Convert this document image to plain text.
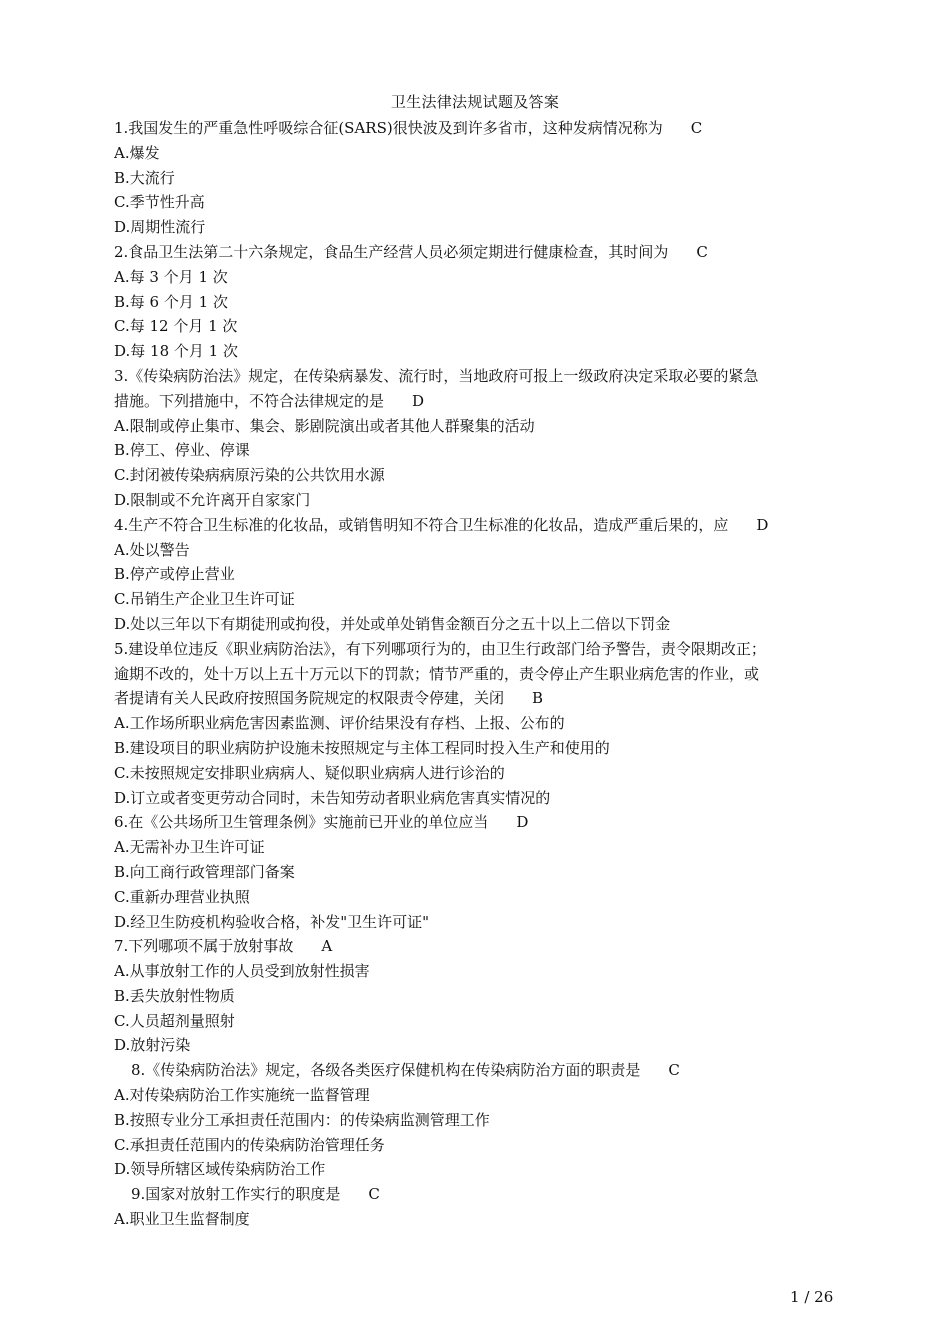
卫生法律法规试题及答案
1.我国发生的严重急性呼吸综合征(SARS)很快波及到许多省市，这种发病情况称为 C
A.爆发
B.大流行
C.季节性升高
D.周期性流行
2.食品卫生法第二十六条规定，食品生产经营人员必须定期进行健康检查，其时间为 C
A.每 3 个月 1 次
B.每 6 个月 1 次
C.每 12 个月 1 次
D.每 18 个月 1 次
3.《传染病防治法》规定，在传染病暴发、流行时，当地政府可报上一级政府决定采取必要的紧急
措施。下列措施中，不符合法律规定的是 D
A.限制或停止集市、集会、影剧院演出或者其他人群聚集的活动
B.停工、停业、停课
C.封闭被传染病病原污染的公共饮用水源
D.限制或不允许离开自家家门
4.生产不符合卫生标准的化妆品，或销售明知不符合卫生标准的化妆品，造成严重后果的，应 D
A.处以警告
B.停产或停止营业
C.吊销生产企业卫生许可证
D.处以三年以下有期徒刑或拘役，并处或单处销售金额百分之五十以上二倍以下罚金
5.建设单位违反《职业病防治法》，有下列哪项行为的，由卫生行政部门给予警告，责令限期改正；
逾期不改的，处十万以上五十万元以下的罚款；情节严重的，责令停止产生职业病危害的作业，或
者提请有关人民政府按照国务院规定的权限责令停建，关闭 B
A.工作场所职业病危害因素监测、评价结果没有存档、上报、公布的
B.建设项目的职业病防护设施未按照规定与主体工程同时投入生产和使用的
C.未按照规定安排职业病病人、疑似职业病病人进行诊治的
D.订立或者变更劳动合同时，未告知劳动者职业病危害真实情况的
6.在《公共场所卫生管理条例》实施前已开业的单位应当 D
A.无需补办卫生许可证
B.向工商行政管理部门备案
C.重新办理营业执照
D.经卫生防疫机构验收合格，补发"卫生许可证"
7.下列哪项不属于放射事故 A
A.从事放射工作的人员受到放射性损害
B.丢失放射性物质
C.人员超剂量照射
D.放射污染
8.《传染病防治法》规定，各级各类医疗保健机构在传染病防治方面的职责是 C
A.对传染病防治工作实施统一监督管理
B.按照专业分工承担责任范围内：的传染病监测管理工作
C.承担责任范围内的传染病防治管理任务
D.领导所辖区域传染病防治工作
9.国家对放射工作实行的职度是 C
A.职业卫生监督制度
1 / 26
